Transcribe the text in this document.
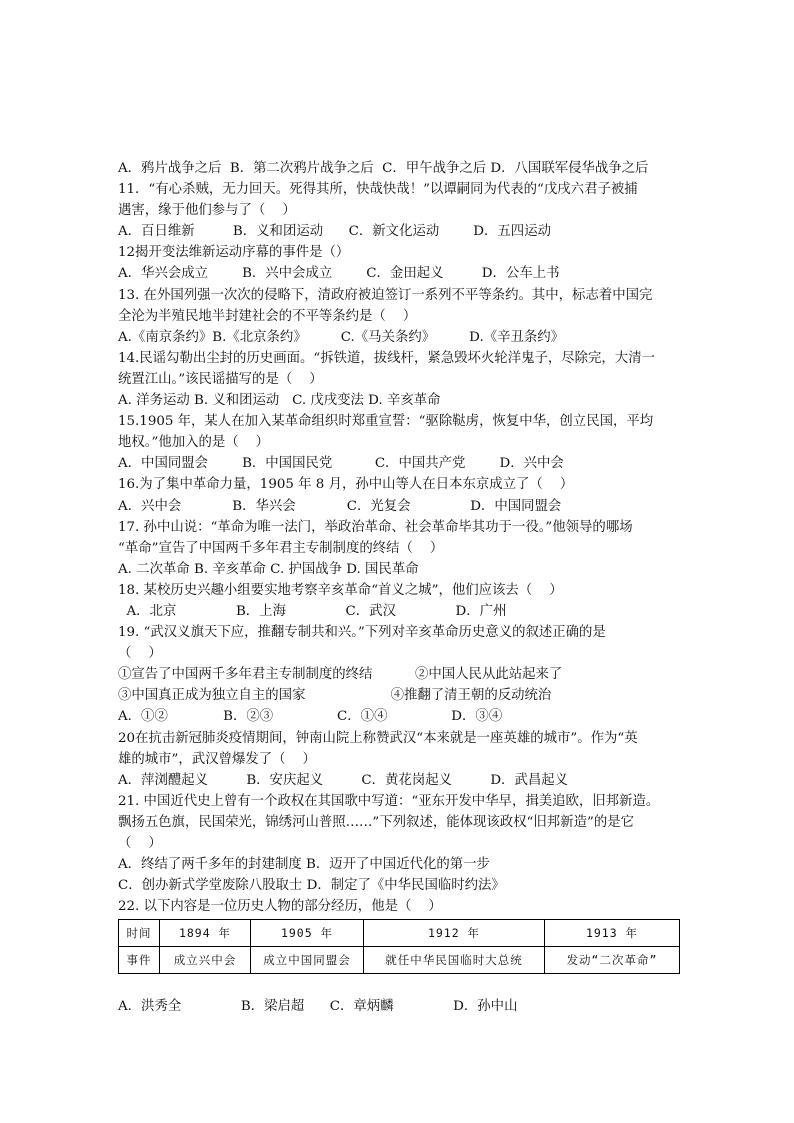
A．鸦片战争之后  B．第二次鸦片战争之后  C．甲午战争之后 D．八国联军侵华战争之后
11．“有心杀贼，无力回天。死得其所，快哉快哉！”以谭嗣同为代表的“戊戌六君子被捕
遇害，缘于他们参与了（    ）
A．百日维新         B．义和团运动      C．新文化运动        D．五四运动
12揭开变法维新运动序幕的事件是（）
A．华兴会成立        B．兴中会成立        C．金田起义         D．公车上书
13. 在外国列强一次次的侵略下，清政府被迫签订一系列不平等条约。其中，标志着中国完
全沦为半殖民地半封建社会的不平等条约是（    ）
A.《南京条约》B.《北京条约》        C.《马关条约》        D.《辛丑条约》
14.民谣勾勒出尘封的历史画面。“拆铁道，拔线杆，紧急毁坏火轮洋鬼子，尽除完，大清一
统置江山。”该民谣描写的是（    ）
A. 洋务运动 B. 义和团运动   C. 戊戌变法 D. 辛亥革命
15.1905 年，某人在加入某革命组织时郑重宣誓：“驱除鞑虏，恢复中华，创立民国，平均
地权。”他加入的是（    ）
A．中国同盟会        B．中国国民党          C．中国共产党        D．兴中会
16.为了集中革命力量，1905 年 8 月，孙中山等人在日本东京成立了（    ）
A．兴中会            B．华兴会            C．光复会              D．中国同盟会
17. 孙中山说：“革命为唯一法门，举政治革命、社会革命毕其功于一役。”他领导的哪场
“革命”宣告了中国两千多年君主专制制度的终结（    ）
A. 二次革命 B. 辛亥革命 C. 护国战争 D. 国民革命
18. 某校历史兴趣小组要实地考察辛亥革命“首义之城”，他们应该去（    ）
A．北京              B．上海              C．武汉              D．广州
19. “武汉义旗天下应，推翻专制共和兴。”下列对辛亥革命历史意义的叙述正确的是
（    ）
①宣告了中国两千多年君主专制制度的终结          ②中国人民从此站起来了
③中国真正成为独立自主的国家                    ④推翻了清王朝的反动统治
A．①②             B．②③               C．①④               D．③④
20在抗击新冠肺炎疫情期间，钟南山院上称赞武汉“本来就是一座英雄的城市”。作为“英
雄的城市”，武汉曾爆发了（    ）
A．萍浏醴起义         B．安庆起义         C．黄花岗起义         D．武昌起义
21. 中国近代史上曾有一个政权在其国歌中写道：“亚东开发中华早，揖美追欧，旧邦新造。
飘扬五色旗，民国荣光，锦绣河山普照……”下列叙述，能体现该政权“旧邦新造”的是它
（    ）
A．终结了两千多年的封建制度 B．迈开了中国近代化的第一步
C．创办新式学堂废除八股取士 D．制定了《中华民国临时约法》
22. 以下内容是一位历史人物的部分经历，他是（    ）
时间	1894 年	1905 年	1912 年	1913 年
事件	成立兴中会	成立中国同盟会	就任中华民国临时大总统	发动“二次革命”
A．洪秀全              B．梁启超      C．章炳麟              D．孙中山
